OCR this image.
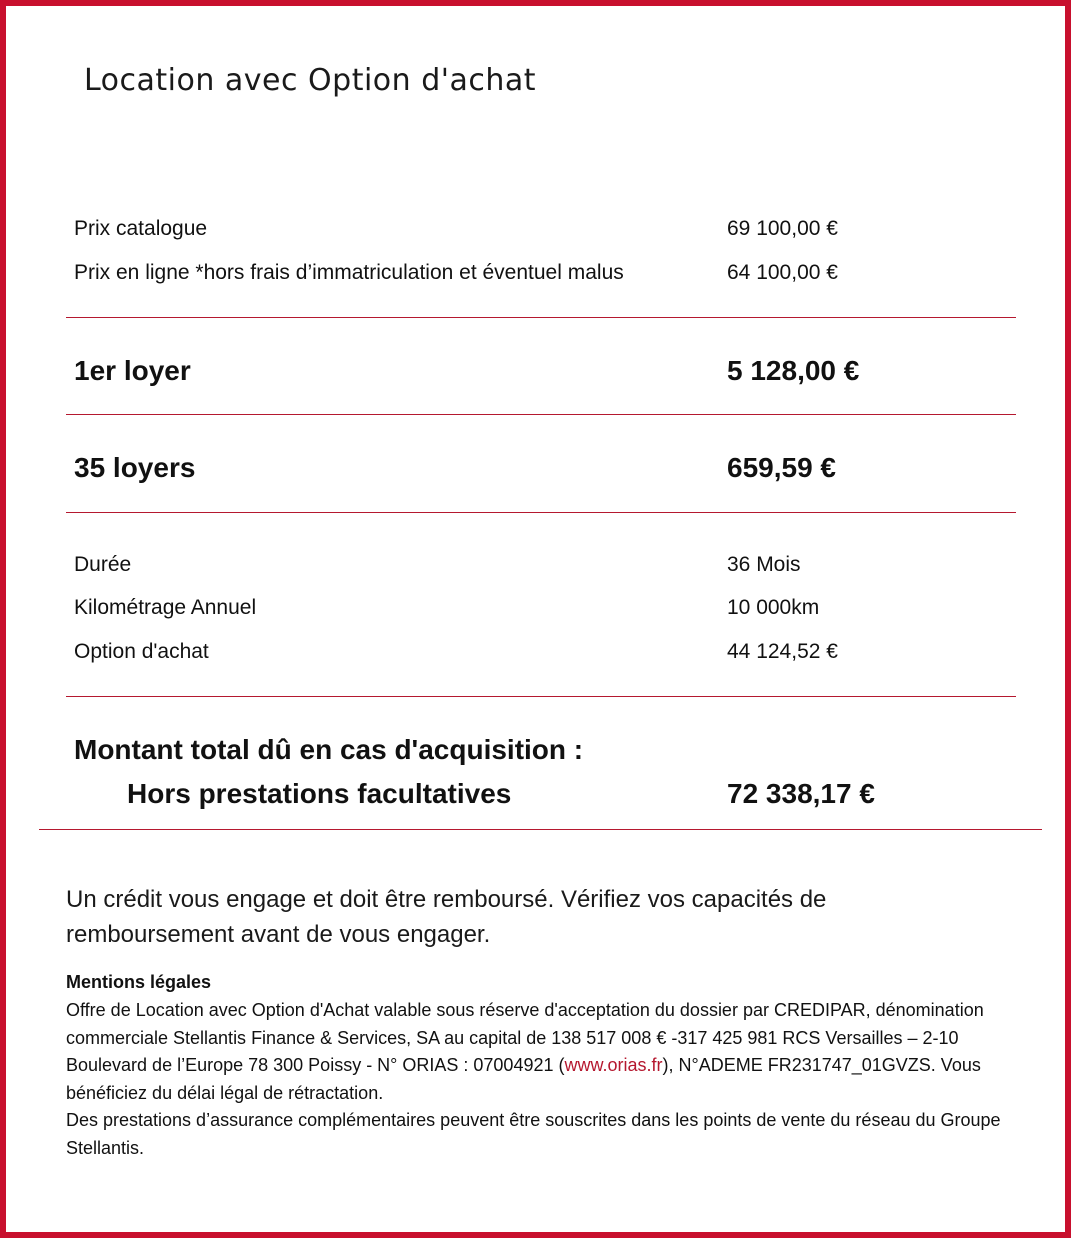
Location avec Option d'achat
Prix catalogue	69 100,00 €
Prix en ligne *hors frais d’immatriculation et éventuel malus	64 100,00 €
1er loyer	5 128,00 €
35 loyers	659,59 €
Durée	36 Mois
Kilométrage Annuel	10 000km
Option d'achat	44 124,52 €
Montant total dû en cas d'acquisition :
Hors prestations facultatives	72 338,17 €
Un crédit vous engage et doit être remboursé. Vérifiez vos capacités de remboursement avant de vous engager.
Mentions légales
Offre de Location avec Option d'Achat valable sous réserve d'acceptation du dossier par CREDIPAR, dénomination commerciale Stellantis Finance & Services, SA au capital de 138 517 008 € -317 425 981 RCS Versailles – 2-10 Boulevard de l’Europe 78 300 Poissy - N° ORIAS : 07004921 (www.orias.fr), N°ADEME FR231747_01GVZS. Vous bénéficiez du délai légal de rétractation.
Des prestations d’assurance complémentaires peuvent être souscrites dans les points de vente du réseau du Groupe Stellantis.
